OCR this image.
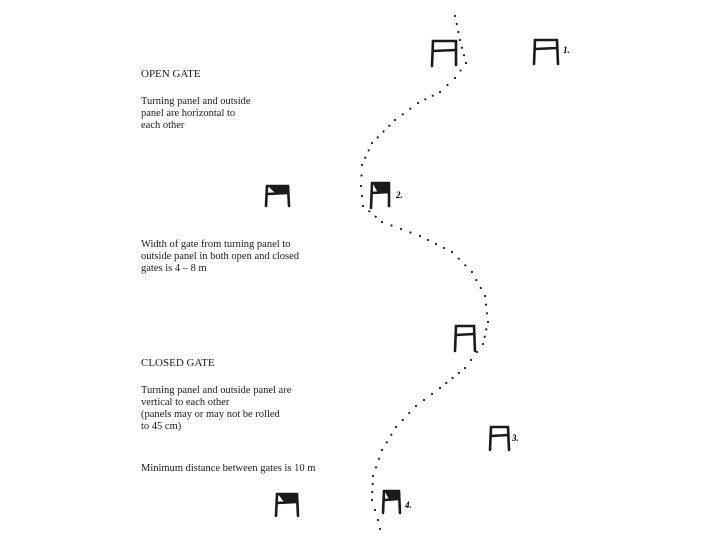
OPEN GATE
Turning panel and outside
panel are horizontal to
each other
Width of gate from turning panel to
outside panel in both open and closed
gates is 4 – 8 m
CLOSED GATE
Turning panel and outside panel are
vertical to each other
(panels may or may not be rolled
to 45 cm)
Minimum distance between gates is 10 m
1.
2.
3.
4.
